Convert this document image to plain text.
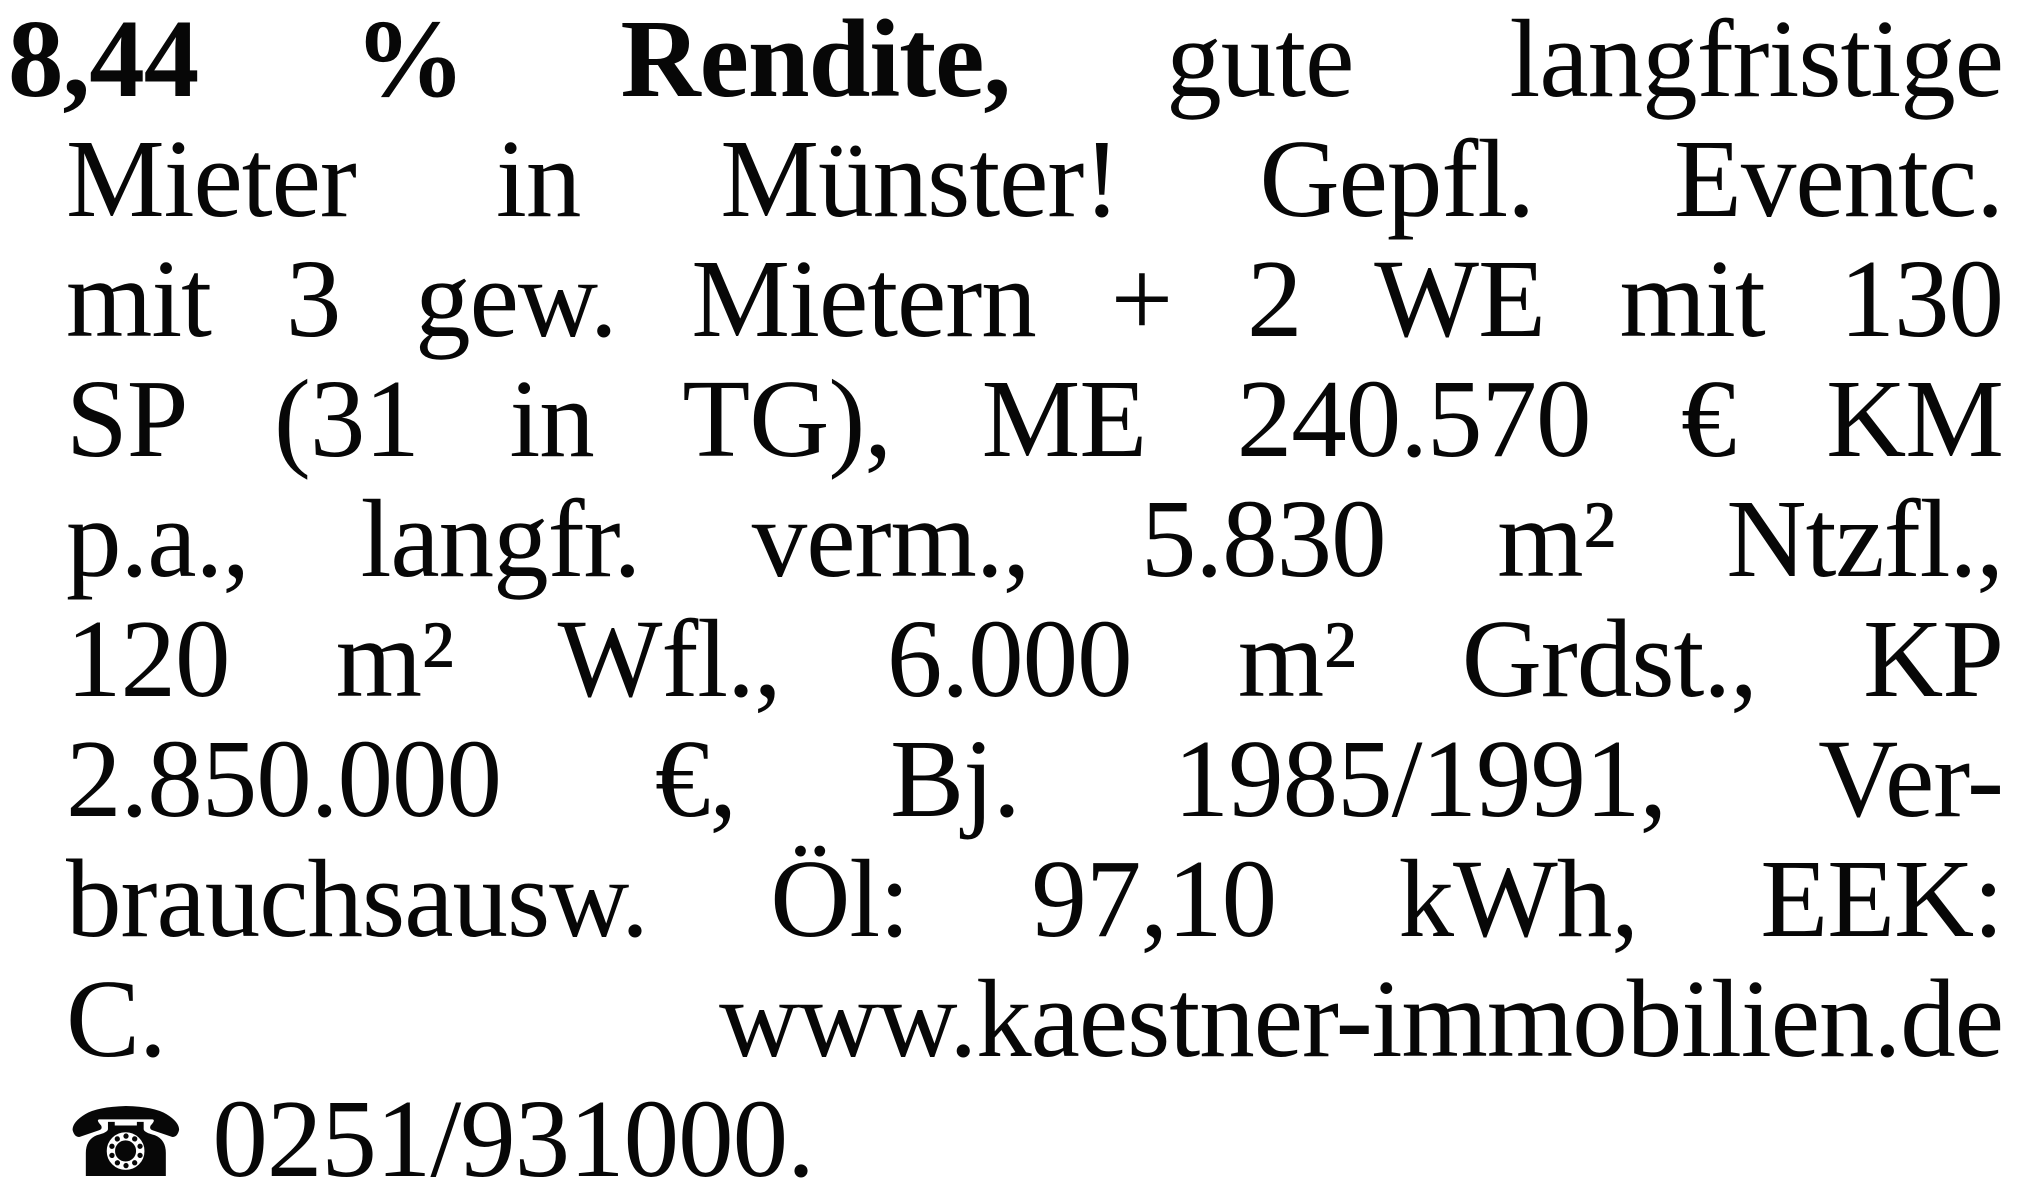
8,44 % Rendite, gute langfristige
Mieter in Münster! Gepfl. Eventc.
mit 3 gew. Mietern + 2 WE mit 130
SP (31 in TG), ME 240.570 € KM
p.a., langfr. verm., 5.830 m² Ntzfl.,
120 m² Wfl., 6.000 m² Grdst., KP
2.850.000 €, Bj. 1985/1991, Ver-
brauchsausw. Öl: 97,10 kWh, EEK:
C.	www.kaestner-immobilien.de
☎ 0251/931000.
